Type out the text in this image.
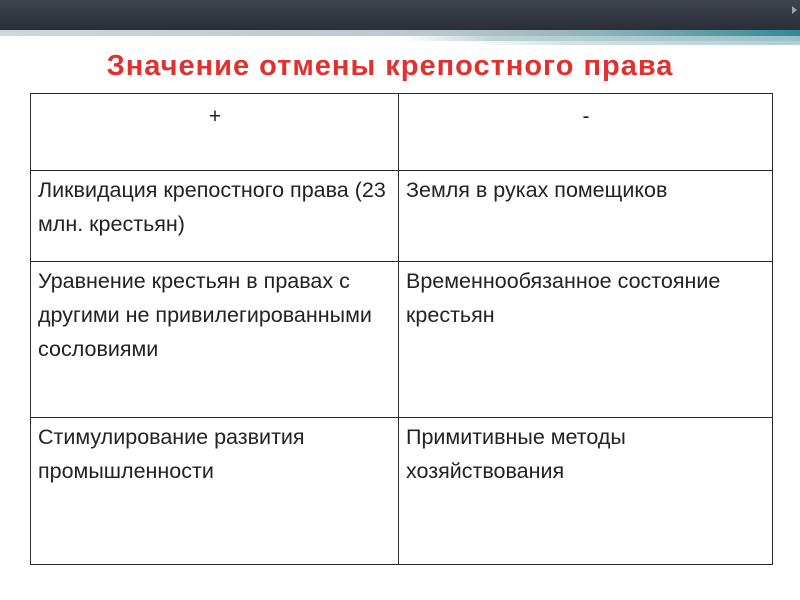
Значение отмены крепостного права
+	-
Ликвидация крепостного права (23 млн. крестьян)	Земля в руках помещиков
Уравнение крестьян в правах с другими не привилегированными сословиями	Временнообязанное состояние крестьян
Стимулирование развития промышленности	Примитивные методы хозяйствования
